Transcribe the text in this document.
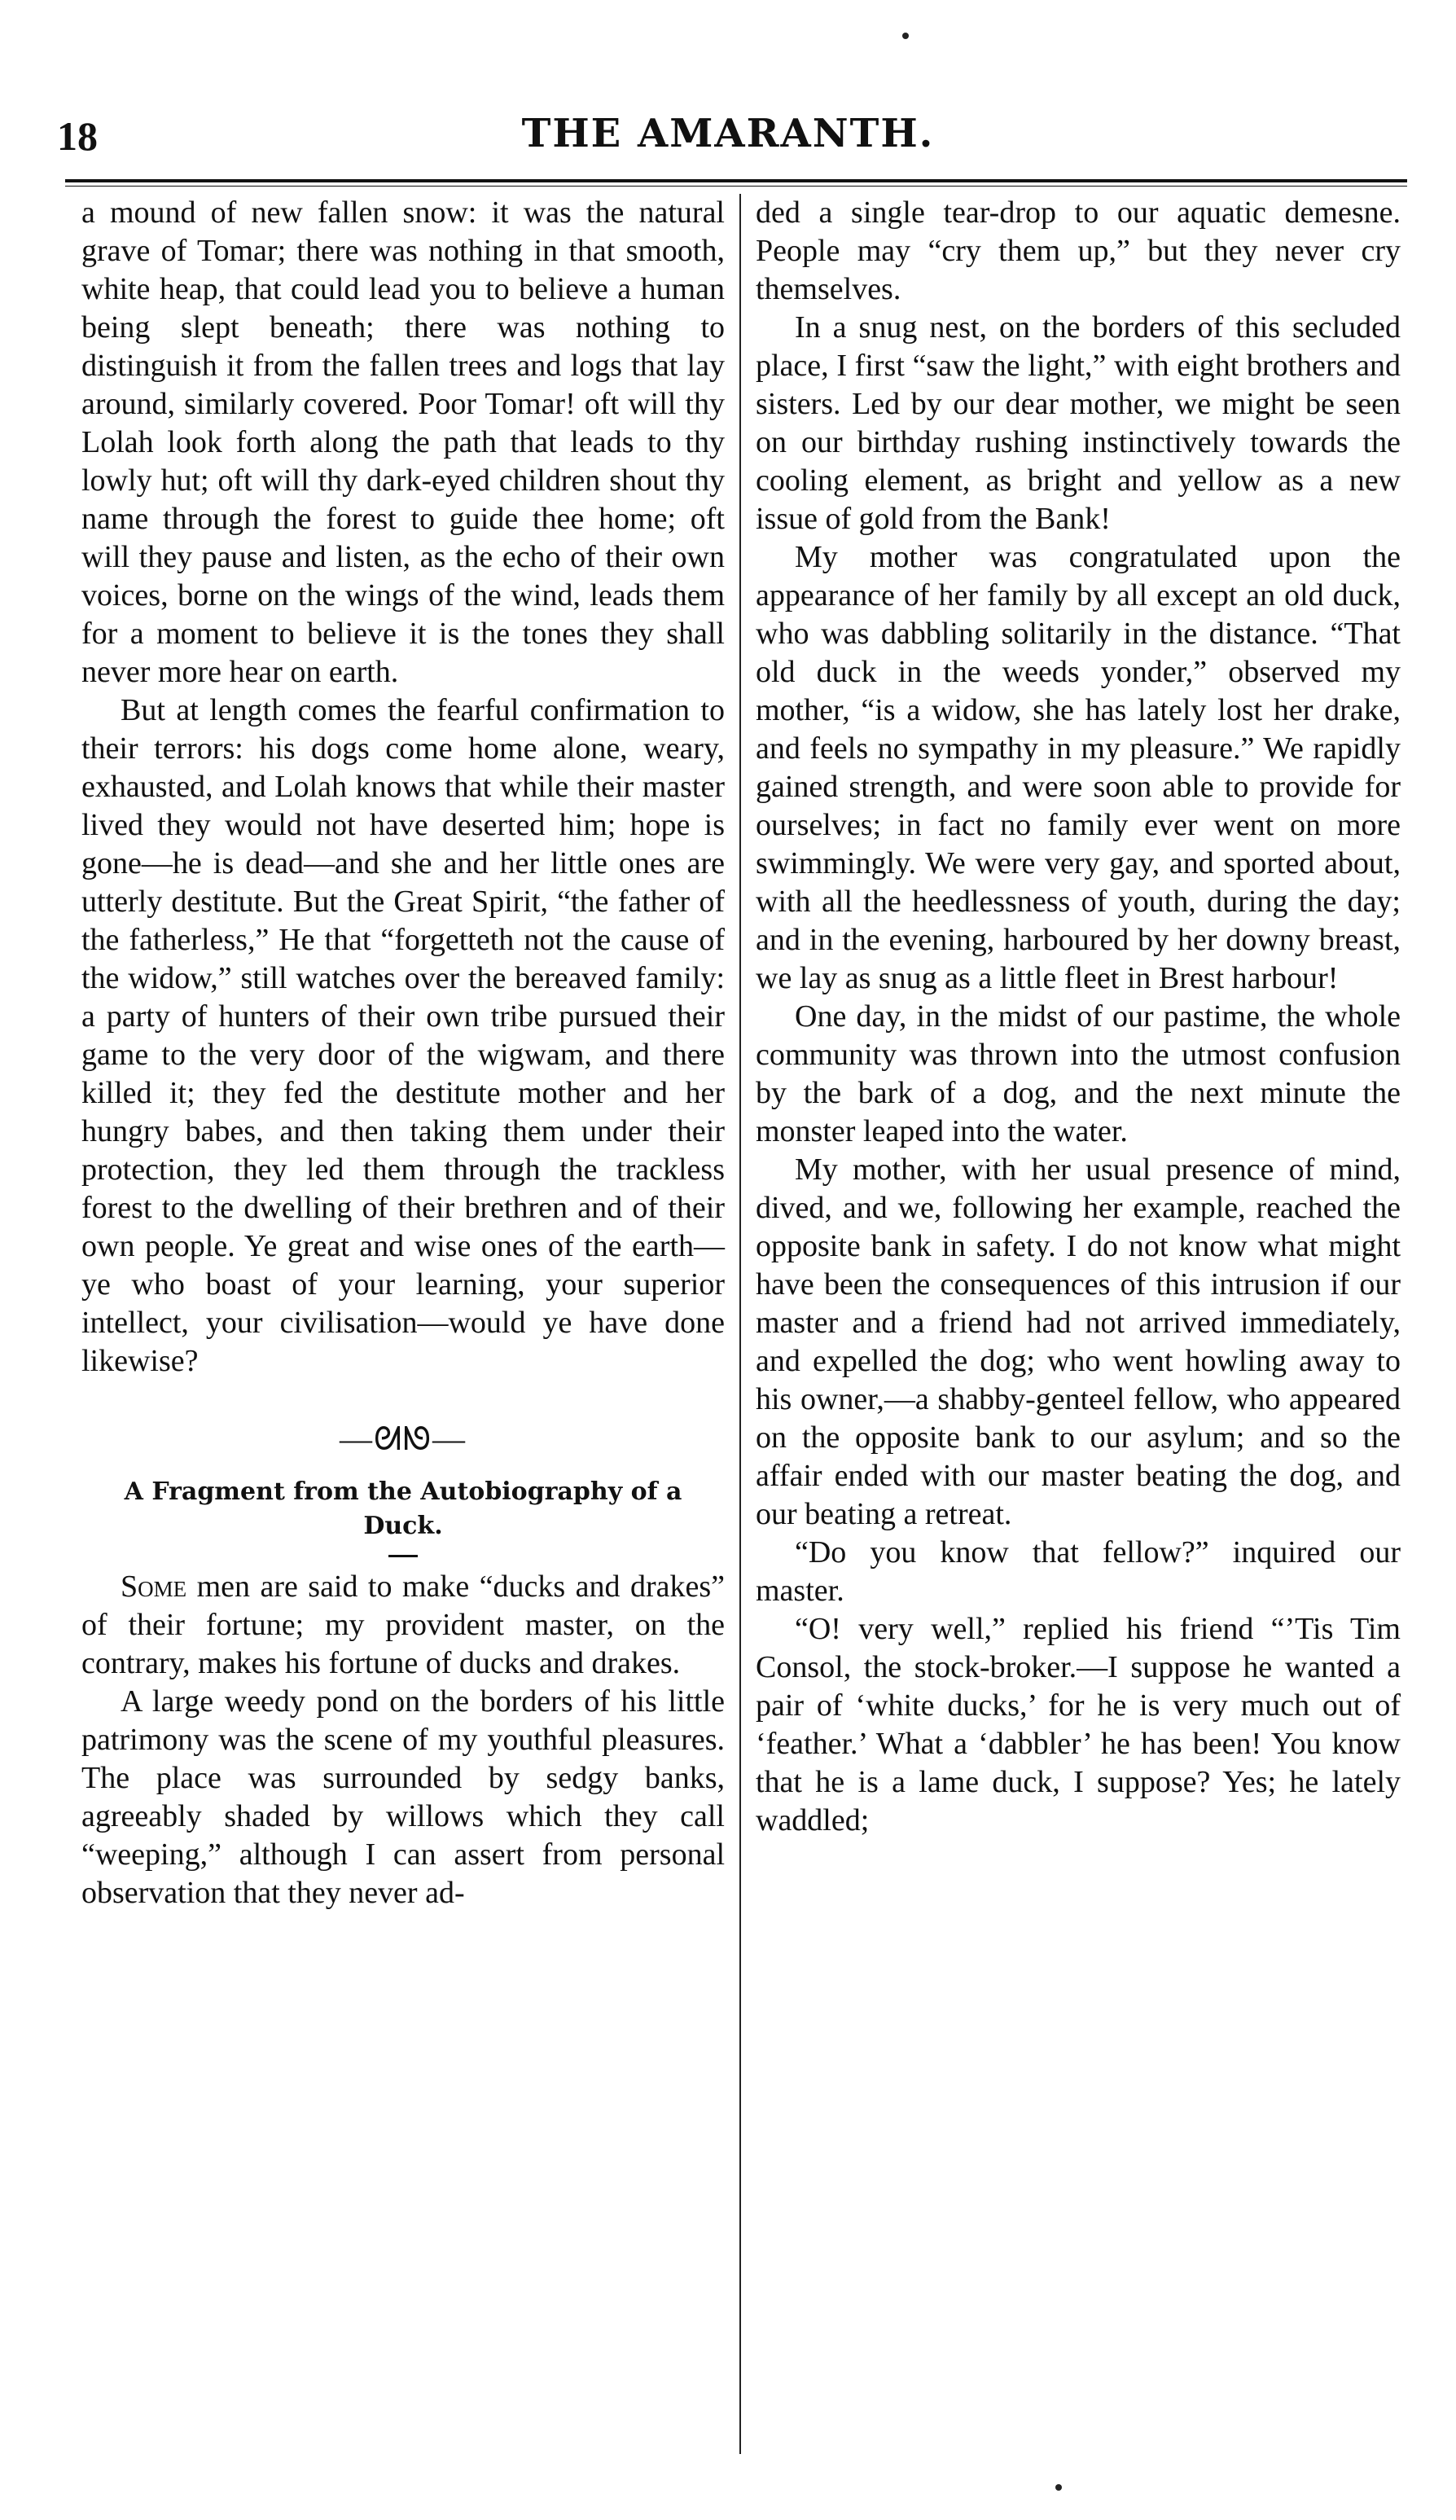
18	THE AMARANTH.

a mound of new fallen snow: it was the natural grave of Tomar; there was nothing in that smooth, white heap, that could lead you to believe a human being slept beneath; there was nothing to distinguish it from the fallen trees and logs that lay around, similarly covered. Poor Tomar! oft will thy Lolah look forth along the path that leads to thy lowly hut; oft will thy dark-eyed children shout thy name through the forest to guide thee home; oft will they pause and listen, as the echo of their own voices, borne on the wings of the wind, leads them for a moment to believe it is the tones they shall never more hear on earth.

But at length comes the fearful confirmation to their terrors: his dogs come home alone, weary, exhausted, and Lolah knows that while their master lived they would not have deserted him; hope is gone—he is dead—and she and her little ones are utterly destitute. But the Great Spirit, “the father of the fatherless,” He that “forgetteth not the cause of the widow,” still watches over the bereaved family: a party of hunters of their own tribe pursued their game to the very door of the wigwam, and there killed it; they fed the destitute mother and her hungry babes, and then taking them under their protection, they led them through the trackless forest to the dwelling of their brethren and of their own people. Ye great and wise ones of the earth—ye who boast of your learning, your superior intellect, your civilisation—would ye have done likewise?

—ᘛᘚ—
A Fragment from the Autobiography of a Duck.

Some men are said to make “ducks and drakes” of their fortune; my provident master, on the contrary, makes his fortune of ducks and drakes.

A large weedy pond on the borders of his little patrimony was the scene of my youthful pleasures. The place was surrounded by sedgy banks, agreeably shaded by willows which they call “weeping,” although I can assert from personal observation that they never ad-

ded a single tear-drop to our aquatic demesne. People may “cry them up,” but they never cry themselves.

In a snug nest, on the borders of this secluded place, I first “saw the light,” with eight brothers and sisters. Led by our dear mother, we might be seen on our birthday rushing instinctively towards the cooling element, as bright and yellow as a new issue of gold from the Bank!

My mother was congratulated upon the appearance of her family by all except an old duck, who was dabbling solitarily in the distance. “That old duck in the weeds yonder,” observed my mother, “is a widow, she has lately lost her drake, and feels no sympathy in my pleasure.” We rapidly gained strength, and were soon able to provide for ourselves; in fact no family ever went on more swimmingly. We were very gay, and sported about, with all the heedlessness of youth, during the day; and in the evening, harboured by her downy breast, we lay as snug as a little fleet in Brest harbour!

One day, in the midst of our pastime, the whole community was thrown into the utmost confusion by the bark of a dog, and the next minute the monster leaped into the water.

My mother, with her usual presence of mind, dived, and we, following her example, reached the opposite bank in safety. I do not know what might have been the consequences of this intrusion if our master and a friend had not arrived immediately, and expelled the dog; who went howling away to his owner,—a shabby-genteel fellow, who appeared on the opposite bank to our asylum; and so the affair ended with our master beating the dog, and our beating a retreat.

“Do you know that fellow?” inquired our master.

“O! very well,” replied his friend “’Tis Tim Consol, the stock-broker.—I suppose he wanted a pair of ‘white ducks,’ for he is very much out of ‘feather.’ What a ‘dabbler’ he has been! You know that he is a lame duck, I suppose? Yes; he lately waddled;
